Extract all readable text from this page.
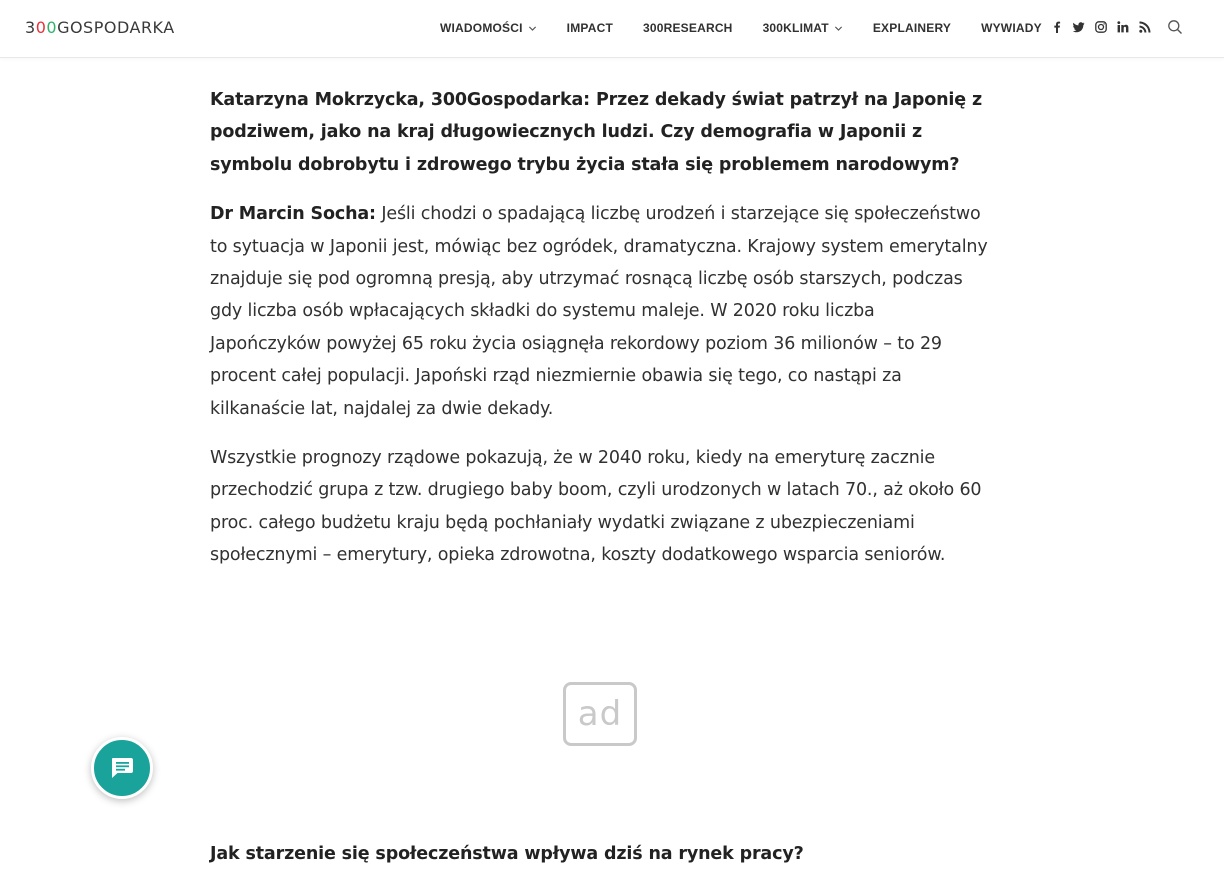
300GOSPODARKA	WIADOMOŚCI	IMPACT	300RESEARCH	300KLIMAT	EXPLAINERY	WYWIADY

Katarzyna Mokrzycka, 300Gospodarka: Przez dekady świat patrzył na Japonię z podziwem, jako na kraj długowiecznych ludzi. Czy demografia w Japonii z symbolu dobrobytu i zdrowego trybu życia stała się problemem narodowym?

Dr Marcin Socha: Jeśli chodzi o spadającą liczbę urodzeń i starzejące się społeczeństwo to sytuacja w Japonii jest, mówiąc bez ogródek, dramatyczna. Krajowy system emerytalny znajduje się pod ogromną presją, aby utrzymać rosnącą liczbę osób starszych, podczas gdy liczba osób wpłacających składki do systemu maleje. W 2020 roku liczba Japończyków powyżej 65 roku życia osiągnęła rekordowy poziom 36 milionów – to 29 procent całej populacji. Japoński rząd niezmiernie obawia się tego, co nastąpi za kilkanaście lat, najdalej za dwie dekady.

Wszystkie prognozy rządowe pokazują, że w 2040 roku, kiedy na emeryturę zacznie przechodzić grupa z tzw. drugiego baby boom, czyli urodzonych w latach 70., aż około 60 proc. całego budżetu kraju będą pochłaniały wydatki związane z ubezpieczeniami społecznymi – emerytury, opieka zdrowotna, koszty dodatkowego wsparcia seniorów.

ad
Jak starzenie się społeczeństwa wpływa dziś na rynek pracy?
